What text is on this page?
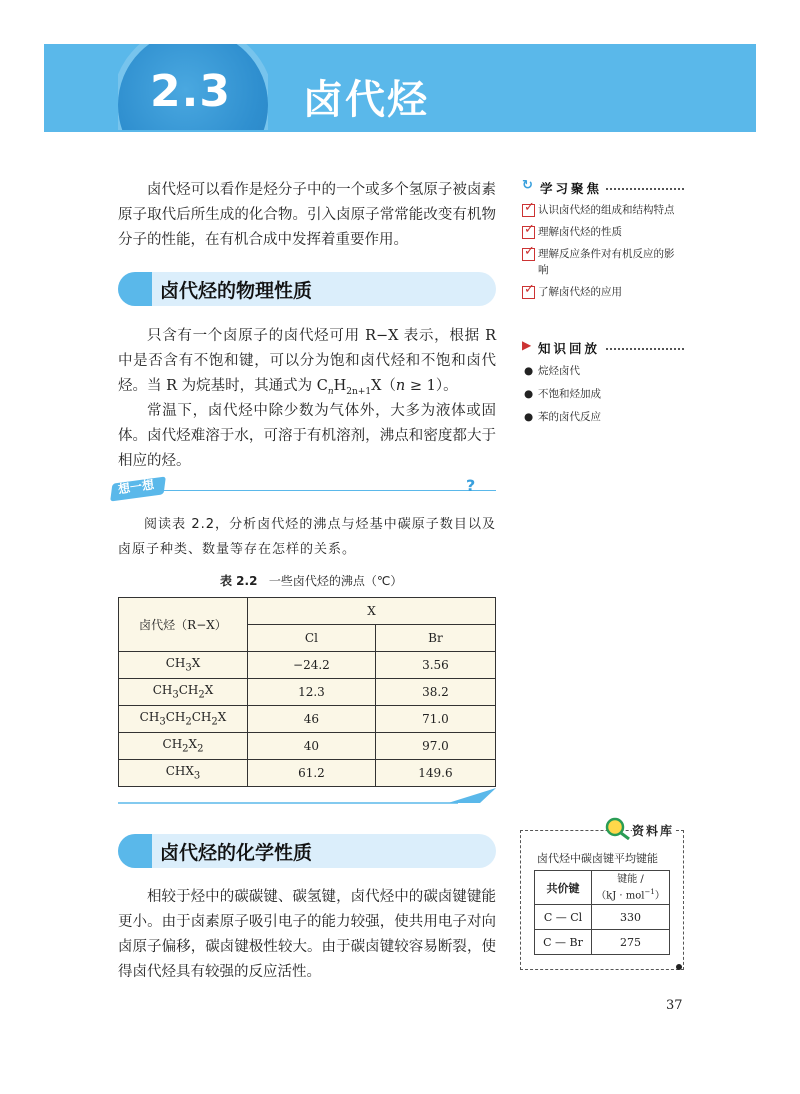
2.3 卤代烃
卤代烃可以看作是烃分子中的一个或多个氢原子被卤素原子取代后所生成的化合物。引入卤原子常常能改变有机物分子的性能，在有机合成中发挥着重要作用。
卤代烃的物理性质
只含有一个卤原子的卤代烃可用 R−X 表示，根据 R 中是否含有不饱和键，可以分为饱和卤代烃和不饱和卤代烃。当 R 为烷基时，其通式为 $C_nH_{2n+1}X(n \ge 1)$。
常温下，卤代烃中除少数为气体外，大多为液体或固体。卤代烃难溶于水，可溶于有机溶剂，沸点和密度都大于相应的烃。
想一想	?
阅读表 2.2，分析卤代烃的沸点与烃基中碳原子数目以及卤原子种类、数量等存在怎样的关系。
表 2.2 一些卤代烃的沸点（℃）
卤代烃（R−X）	X	
	Cl	Br
$CH_3X$	−24.2	3.56
$CH_3CH_2X$	12.3	38.2
$CH_3CH_2CH_2X$	46	71.0
$CH_2X_2$	40	97.0
$CHX_3$	61.2	149.6
卤代烃的化学性质
相较于烃中的碳碳键、碳氢键，卤代烃中的碳卤键键能更小。由于卤素原子吸引电子的能力较强，使共用电子对向卤原子偏移，碳卤键极性较大。由于碳卤键较容易断裂，使得卤代烃具有较强的反应活性。
↻ 学习聚焦
✓
认识卤代烃的组成和结构特点
✓
理解卤代烃的性质
✓
理解反应条件对有机反应的影响
✓
了解卤代烃的应用
▶ 知识回放
● 烷烃卤代
● 不饱和烃加成
● 苯的卤代反应
资料库
卤代烃中碳卤键平均键能
共价键	键能 /
（kJ · mol$^{-1}$）
C — Cl	330
C — Br	275
37
